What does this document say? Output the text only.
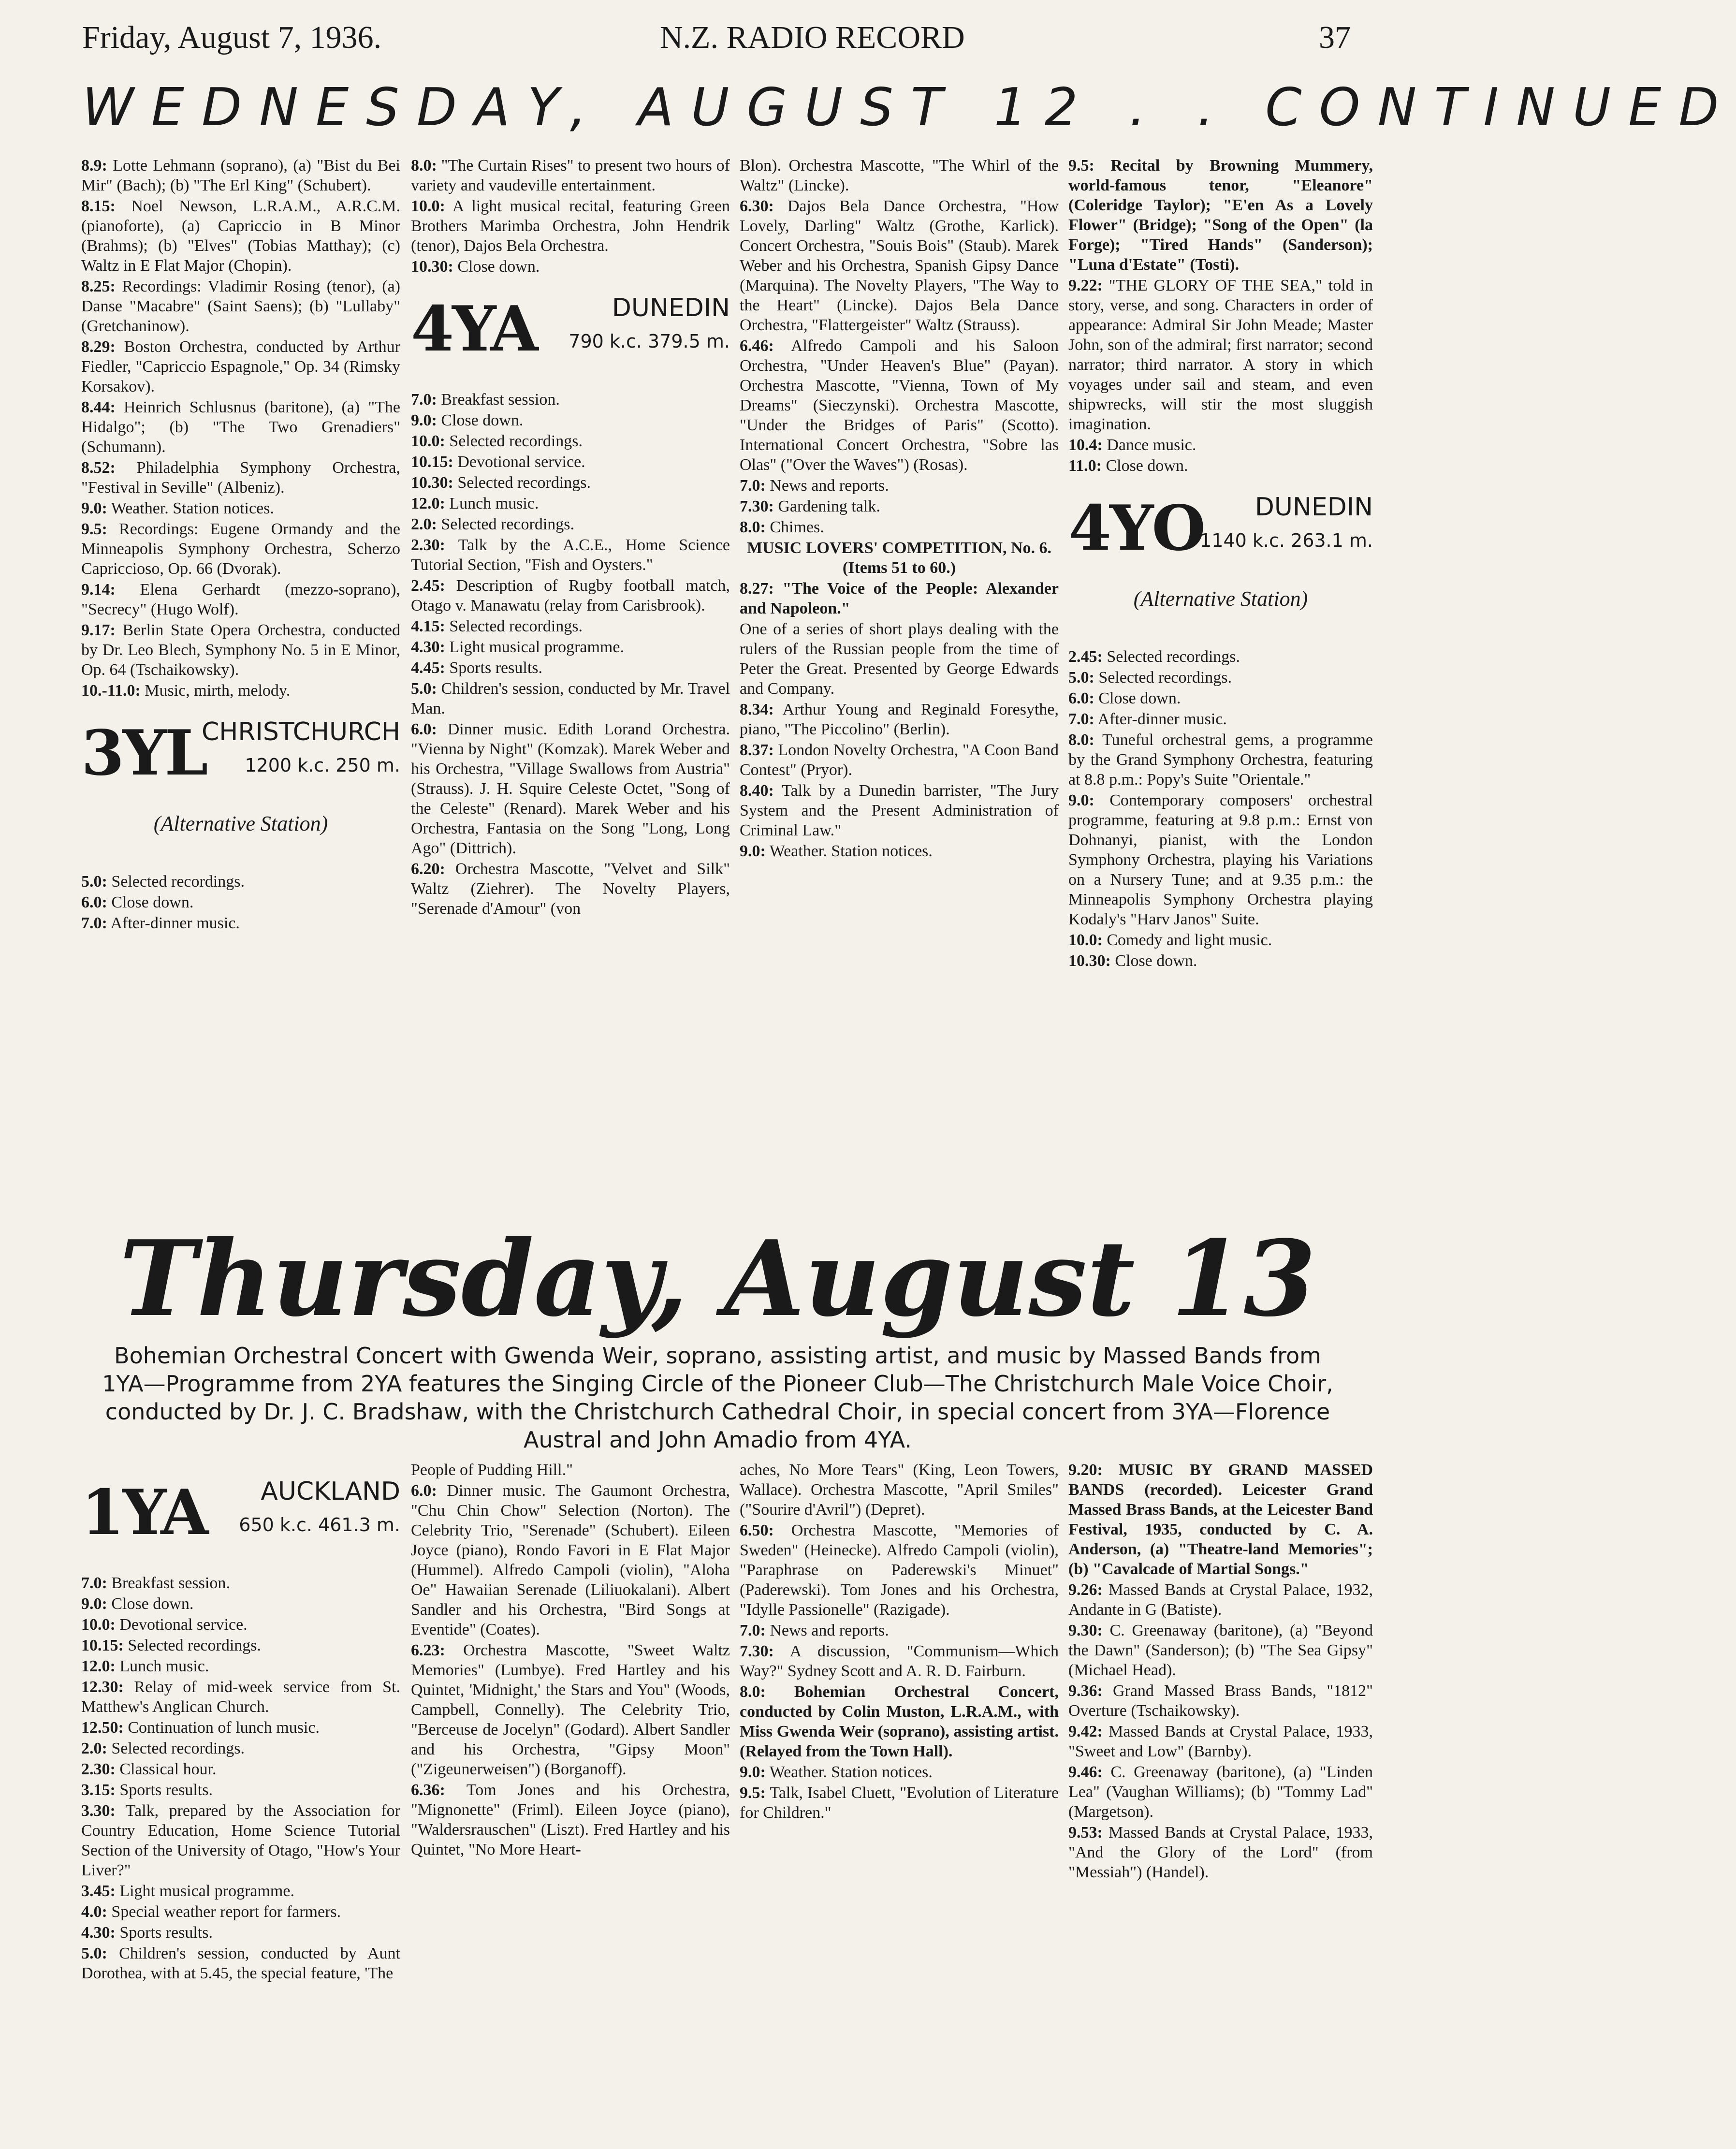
Friday, August 7, 1936.	N.Z. RADIO RECORD	37
WEDNESDAY, AUGUST 12 . . CONTINUED
8.9: Lotte Lehmann (soprano), (a) "Bist du Bei Mir" (Bach); (b) "The Erl King" (Schubert).
8.15: Noel Newson, L.R.A.M., A.R.C.M. (pianoforte), (a) Capriccio in B Minor (Brahms); (b) "Elves" (Tobias Matthay); (c) Waltz in E Flat Major (Chopin).
8.25: Recordings: Vladimir Rosing (tenor), (a) Danse "Macabre" (Saint Saens); (b) "Lullaby" (Gretchaninow).
8.29: Boston Orchestra, conducted by Arthur Fiedler, "Capriccio Espagnole," Op. 34 (Rimsky Korsakov).
8.44: Heinrich Schlusnus (baritone), (a) "The Hidalgo"; (b) "The Two Grenadiers" (Schumann).
8.52: Philadelphia Symphony Orchestra, "Festival in Seville" (Albeniz).
9.0: Weather. Station notices.
9.5: Recordings: Eugene Ormandy and the Minneapolis Symphony Orchestra, Scherzo Capriccioso, Op. 66 (Dvorak).
9.14: Elena Gerhardt (mezzo-soprano), "Secrecy" (Hugo Wolf).
9.17: Berlin State Opera Orchestra, conducted by Dr. Leo Blech, Symphony No. 5 in E Minor, Op. 64 (Tschaikowsky).
10.-11.0: Music, mirth, melody.
3YL
CHRISTCHURCH
1200 k.c. 250 m.
(Alternative Station)
5.0: Selected recordings.
6.0: Close down.
7.0: After-dinner music.
8.0: "The Curtain Rises" to present two hours of variety and vaudeville entertainment.
10.0: A light musical recital, featuring Green Brothers Marimba Orchestra, John Hendrik (tenor), Dajos Bela Orchestra.
10.30: Close down.
4YA	DUNEDIN
790 k.c. 379.5 m.
7.0: Breakfast session.
9.0: Close down.
10.0: Selected recordings.
10.15: Devotional service.
10.30: Selected recordings.
12.0: Lunch music.
2.0: Selected recordings.
2.30: Talk by the A.C.E., Home Science Tutorial Section, "Fish and Oysters."
2.45: Description of Rugby football match, Otago v. Manawatu (relay from Carisbrook).
4.15: Selected recordings.
4.30: Light musical programme.
4.45: Sports results.
5.0: Children's session, conducted by Mr. Travel Man.
6.0: Dinner music. Edith Lorand Orchestra. "Vienna by Night" (Komzak). Marek Weber and his Orchestra, "Village Swallows from Austria" (Strauss). J. H. Squire Celeste Octet, "Song of the Celeste" (Renard). Marek Weber and his Orchestra, Fantasia on the Song "Long, Long Ago" (Dittrich).
6.20: Orchestra Mascotte, "Velvet and Silk" Waltz (Ziehrer). The Novelty Players, "Serenade d'Amour" (von
Blon). Orchestra Mascotte, "The Whirl of the Waltz" (Lincke).
6.30: Dajos Bela Dance Orchestra, "How Lovely, Darling" Waltz (Grothe, Karlick). Concert Orchestra, "Souis Bois" (Staub). Marek Weber and his Orchestra, Spanish Gipsy Dance (Marquina). The Novelty Players, "The Way to the Heart" (Lincke). Dajos Bela Dance Orchestra, "Flattergeister" Waltz (Strauss).
6.46: Alfredo Campoli and his Saloon Orchestra, "Under Heaven's Blue" (Payan). Orchestra Mascotte, "Vienna, Town of My Dreams" (Sieczynski). Orchestra Mascotte, "Under the Bridges of Paris" (Scotto). International Concert Orchestra, "Sobre las Olas" ("Over the Waves") (Rosas).
7.0: News and reports.
7.30: Gardening talk.
8.0: Chimes.
MUSIC LOVERS' COMPETITION, No. 6. (Items 51 to 60.)
8.27: "The Voice of the People: Alexander and Napoleon."
One of a series of short plays dealing with the rulers of the Russian people from the time of Peter the Great. Presented by George Edwards and Company.
8.34: Arthur Young and Reginald Foresythe, piano, "The Piccolino" (Berlin).
8.37: London Novelty Orchestra, "A Coon Band Contest" (Pryor).
8.40: Talk by a Dunedin barrister, "The Jury System and the Present Administration of Criminal Law."
9.0: Weather. Station notices.
9.5: Recital by Browning Mummery, world-famous tenor, "Eleanore" (Coleridge Taylor); "E'en As a Lovely Flower" (Bridge); "Song of the Open" (la Forge); "Tired Hands" (Sanderson); "Luna d'Estate" (Tosti).
9.22: "THE GLORY OF THE SEA," told in story, verse, and song. Characters in order of appearance: Admiral Sir John Meade; Master John, son of the admiral; first narrator; second narrator; third narrator. A story in which voyages under sail and steam, and even shipwrecks, will stir the most sluggish imagination.
10.4: Dance music.
11.0: Close down.
4YO DUNEDIN
1140 k.c. 263.1 m.
(Alternative Station)
2.45: Selected recordings.
5.0: Selected recordings.
6.0: Close down.
7.0: After-dinner music.
8.0: Tuneful orchestral gems, a programme by the Grand Symphony Orchestra, featuring at 8.8 p.m.: Popy's Suite "Orientale."
9.0: Contemporary composers' orchestral programme, featuring at 9.8 p.m.: Ernst von Dohnanyi, pianist, with the London Symphony Orchestra, playing his Variations on a Nursery Tune; and at 9.35 p.m.: the Minneapolis Symphony Orchestra playing Kodaly's "Harv Janos" Suite.
10.0: Comedy and light music.
10.30: Close down.
Thursday, August 13
Bohemian Orchestral Concert with Gwenda Weir, soprano, assisting artist, and music by Massed Bands from 1YA—Programme from 2YA features the Singing Circle of the Pioneer Club—The Christchurch Male Voice Choir, conducted by Dr. J. C. Bradshaw, with the Christchurch Cathedral Choir, in special concert from 3YA—Florence Austral and John Amadio from 4YA.
1YA AUCKLAND
650 k.c. 461.3 m.
7.0: Breakfast session.
9.0: Close down.
10.0: Devotional service.
10.15: Selected recordings.
12.0: Lunch music.
12.30: Relay of mid-week service from St. Matthew's Anglican Church.
12.50: Continuation of lunch music.
2.0: Selected recordings.
2.30: Classical hour.
3.15: Sports results.
3.30: Talk, prepared by the Association for Country Education, Home Science Tutorial Section of the University of Otago, "How's Your Liver?"
3.45: Light musical programme.
4.0: Special weather report for farmers.
4.30: Sports results.
5.0: Children's session, conducted by Aunt Dorothea, with at 5.45, the special feature, 'The
People of Pudding Hill."
6.0: Dinner music. The Gaumont Orchestra, "Chu Chin Chow" Selection (Norton). The Celebrity Trio, "Serenade" (Schubert). Eileen Joyce (piano), Rondo Favori in E Flat Major (Hummel). Alfredo Campoli (violin), "Aloha Oe" Hawaiian Serenade (Liliuokalani). Albert Sandler and his Orchestra, "Bird Songs at Eventide" (Coates).
6.23: Orchestra Mascotte, "Sweet Waltz Memories" (Lumbye). Fred Hartley and his Quintet, 'Midnight,' the Stars and You" (Woods, Campbell, Connelly). The Celebrity Trio, "Berceuse de Jocelyn" (Godard). Albert Sandler and his Orchestra, "Gipsy Moon" ("Zigeunerweisen") (Borganoff).
6.36: Tom Jones and his Orchestra, "Mignonette" (Friml). Eileen Joyce (piano), "Waldersrauschen" (Liszt). Fred Hartley and his Quintet, "No More Heart-
aches, No More Tears" (King, Leon Towers, Wallace). Orchestra Mascotte, "April Smiles" ("Sourire d'Avril") (Depret).
6.50: Orchestra Mascotte, "Memories of Sweden" (Heinecke). Alfredo Campoli (violin), "Paraphrase on Paderewski's Minuet" (Paderewski). Tom Jones and his Orchestra, "Idylle Passionelle" (Razigade).
7.0: News and reports.
7.30: A discussion, "Communism—Which Way?" Sydney Scott and A. R. D. Fairburn.
8.0: Bohemian Orchestral Concert, conducted by Colin Muston, L.R.A.M., with Miss Gwenda Weir (soprano), assisting artist. (Relayed from the Town Hall).
9.0: Weather. Station notices.
9.5: Talk, Isabel Cluett, "Evolution of Literature for Children."
9.20: MUSIC BY GRAND MASSED BANDS (recorded). Leicester Grand Massed Brass Bands, at the Leicester Band Festival, 1935, conducted by C. A. Anderson, (a) "Theatre-land Memories"; (b) "Cavalcade of Martial Songs."
9.26: Massed Bands at Crystal Palace, 1932, Andante in G (Batiste).
9.30: C. Greenaway (baritone), (a) "Beyond the Dawn" (Sanderson); (b) "The Sea Gipsy" (Michael Head).
9.36: Grand Massed Brass Bands, "1812" Overture (Tschaikowsky).
9.42: Massed Bands at Crystal Palace, 1933, "Sweet and Low" (Barnby).
9.46: C. Greenaway (baritone), (a) "Linden Lea" (Vaughan Williams); (b) "Tommy Lad" (Margetson).
9.53: Massed Bands at Crystal Palace, 1933, "And the Glory of the Lord" (from "Messiah") (Handel).
